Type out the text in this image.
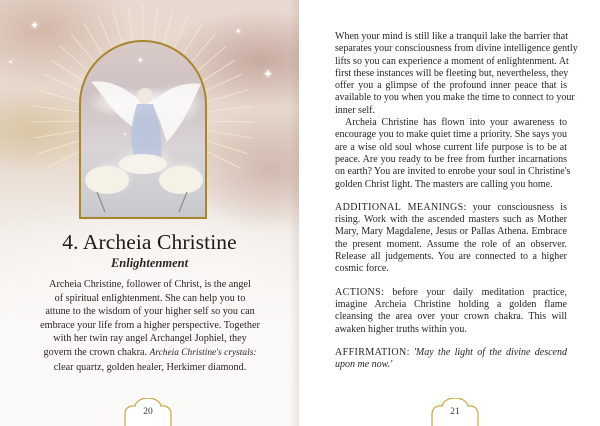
✦	✦
✦
✦	✦
✦
4. Archeia Christine
Enlightenment
Archeia Christine, follower of Christ, is the angel
of spiritual enlightenment. She can help you to
attune to the wisdom of your higher self so you can
embrace your life from a higher perspective. Together
with her twin ray angel Archangel Jophiel, they
govern the crown chakra. Archeia Christine's crystals:
clear quartz, golden healer, Herkimer diamond.
20	21

When your mind is still like a tranquil lake the barrier that
separates your consciousness from divine intelligence gently
lifts so you can experience a moment of enlightenment. At
first these instances will be fleeting but, nevertheless, they
offer you a glimpse of the profound inner peace that is
available to you when you make the time to connect to your
inner self.

Archeia Christine has flown into your awareness to
encourage you to make quiet time a priority. She says you
are a wise old soul whose current life purpose is to be at
peace. Are you ready to be free from further incarnations
on earth? You are invited to enrobe your soul in Christine's
golden Christ light. The masters are calling you home.

ADDITIONAL MEANINGS: your consciousness is
rising. Work with the ascended masters such as Mother
Mary, Mary Magdalene, Jesus or Pallas Athena. Embrace
the present moment. Assume the role of an observer.
Release all judgements. You are connected to a higher
cosmic force.

ACTIONS: before your daily meditation practice,
imagine Archeia Christine holding a golden flame
cleansing the area over your crown chakra. This will
awaken higher truths within you.

AFFIRMATION: 'May the light of the divine descend
upon me now.'
